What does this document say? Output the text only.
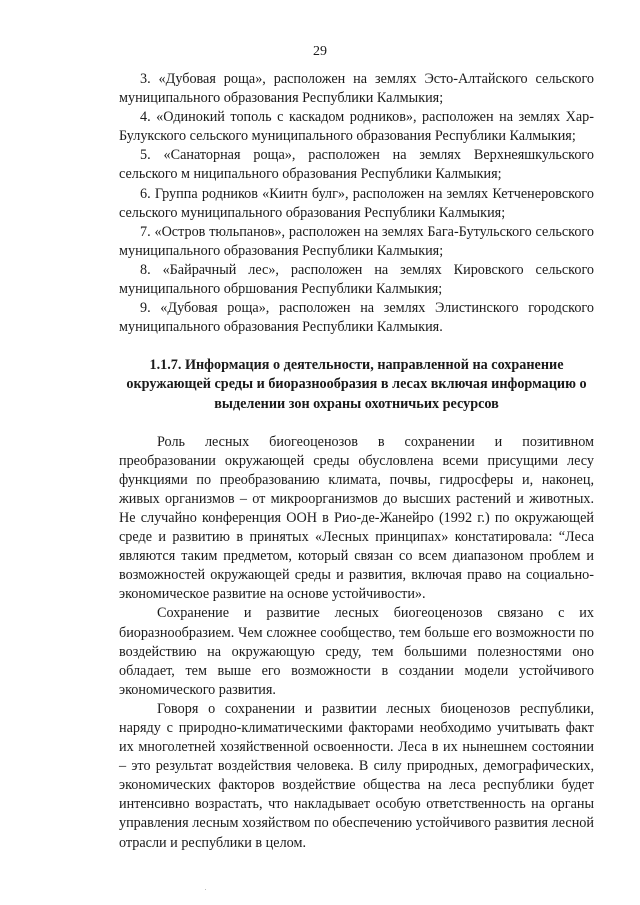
29

3. «Дубовая роща», расположен на землях Эсто-Алтайского сельского муниципального образования Республики Калмыкия;

4. «Одинокий тополь с каскадом родников», расположен на землях Хар-Булукского сельского муниципального образования Республики Калмыкия;

5. «Санаторная роща», расположен на землях Верхнеяшкульского сельского м ниципального образования Республики Калмыкия;

6. Группа родников «Киитн булг», расположен на землях Кетченеровского сельского муниципального образования Республики Калмыкия;

7. «Остров тюльпанов», расположен на землях Бага-Бутульского сельского муниципального образования Республики Калмыкия;

8. «Байрачный лес», расположен на землях Кировского сельского муниципального обршования Республики Калмыкия;

9. «Дубовая роща», расположен на землях Элистинского городского муниципального образования Республики Калмыкия.

1.1.7. Информация о деятельности, направленной на сохранение окружающей среды и биоразнообразия в лесах включая информацию о выделении зон охраны охотничьих ресурсов

Роль лесных биогеоценозов в сохранении и позитивном преобразовании окружающей среды обусловлена всеми присущими лесу функциями по преобразованию климата, почвы, гидросферы и, наконец, живых организмов – от микроорганизмов до высших растений и животных. Не случайно конференция ООН в Рио-де-Жанейро (1992 г.) по окружающей среде и развитию в принятых «Лесных принципах» констатировала: “Леса являются таким предметом, который связан со всем диапазоном проблем и возможностей окружающей среды и развития, включая право на социально-экономическое развитие на основе устойчивости».

Сохранение и развитие лесных биогеоценозов связано с их биоразнообразием. Чем сложнее сообщество, тем больше его возможности по воздействию на окружающую среду, тем большими полезностями оно обладает, тем выше его возможности в создании модели устойчивого экономического развития.

Говоря о сохранении и развитии лесных биоценозов республики, наряду с природно-климатическими факторами необходимо учитывать факт их многолетней хозяйственной освоенности. Леса в их нынешнем состоянии – это результат воздействия человека. В силу природных, демографических, экономических факторов воздействие общества на леса республики будет интенсивно возрастать, что накладывает особую ответственность на органы управления лесным хозяйством по обеспечению устойчивого развития лесной отрасли и республики в целом.
